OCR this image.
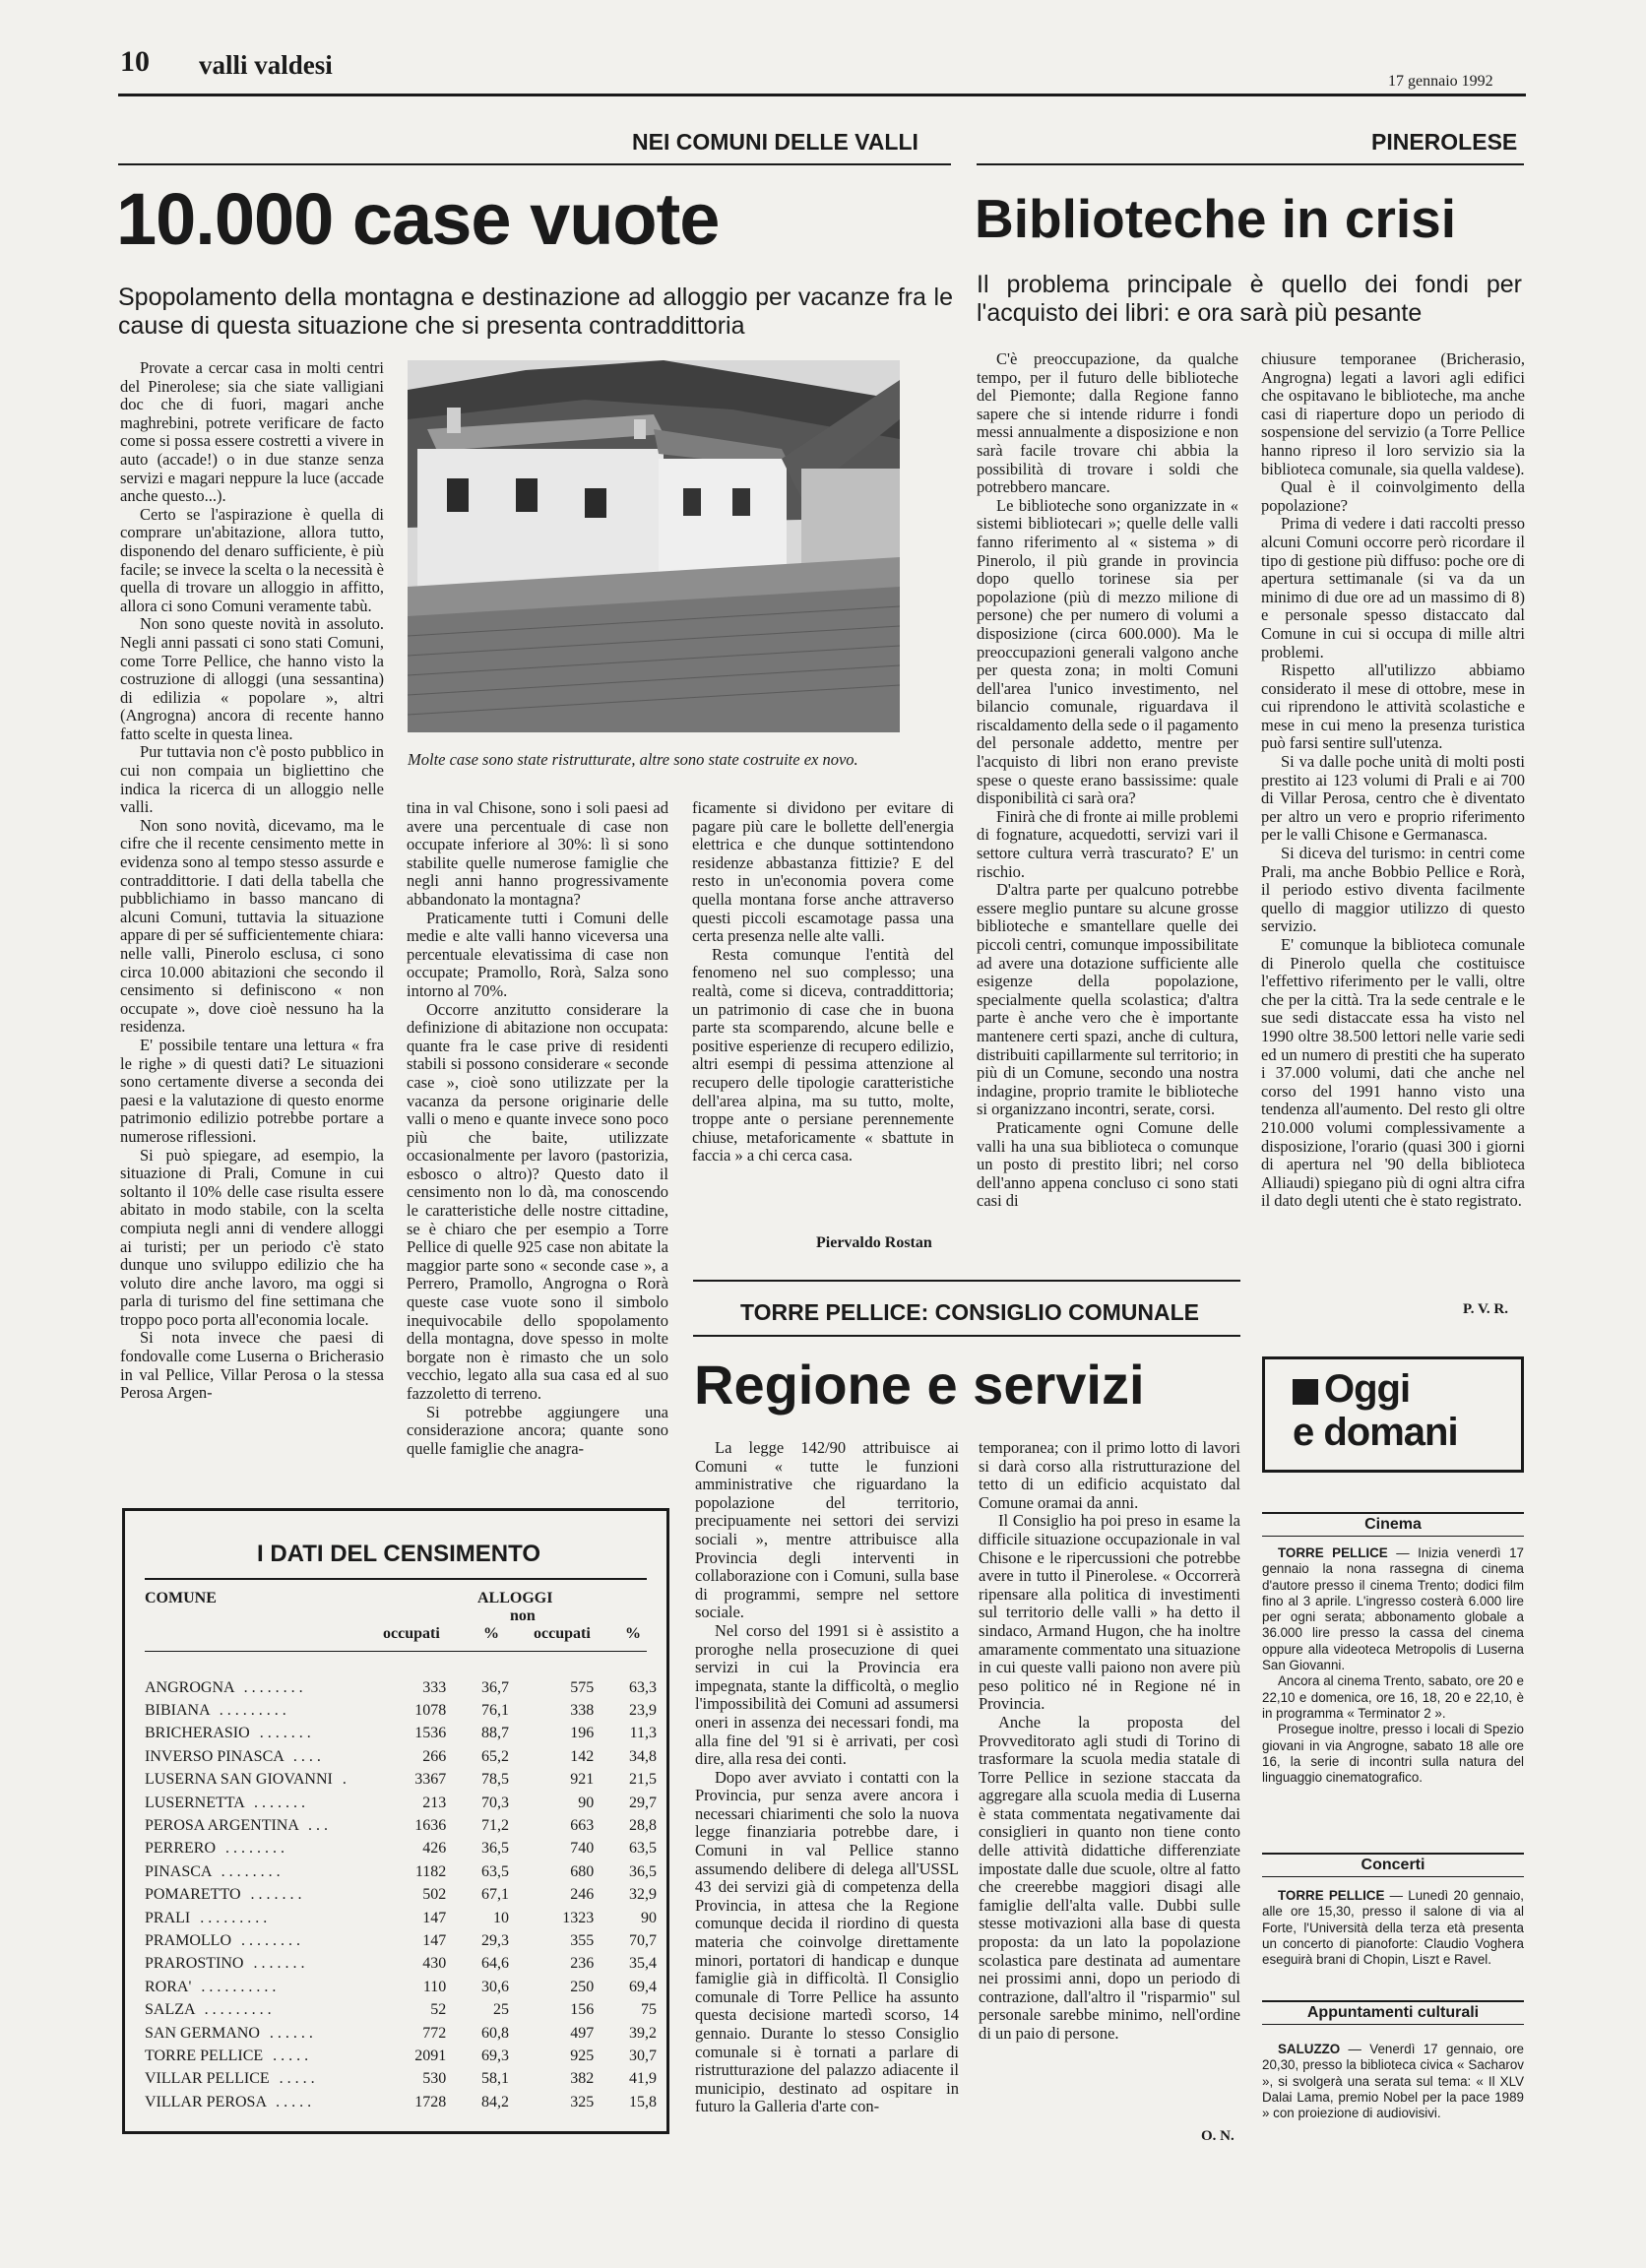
10 valli valdesi
17 gennaio 1992
NEI COMUNI DELLE VALLI	PINEROLESE
10.000 case vuote
Spopolamento della montagna e destinazione ad alloggio per vacanze fra le cause di questa situazione che si presenta contraddittoria

Provate a cercar casa in molti centri del Pinerolese; sia che siate valligiani doc che di fuori, magari anche maghrebini, potrete verificare de facto come si possa essere costretti a vivere in auto (accade!) o in due stanze senza servizi e magari neppure la luce (accade anche questo...).

Certo se l'aspirazione è quella di comprare un'abitazione, allora tutto, disponendo del denaro sufficiente, è più facile; se invece la scelta o la necessità è quella di trovare un alloggio in affitto, allora ci sono Comuni veramente tabù.

Non sono queste novità in assoluto. Negli anni passati ci sono stati Comuni, come Torre Pellice, che hanno visto la costruzione di alloggi (una sessantina) di edilizia « popolare », altri (Angrogna) ancora di recente hanno fatto scelte in questa linea.

Pur tuttavia non c'è posto pubblico in cui non compaia un bigliettino che indica la ricerca di un alloggio nelle valli.

Non sono novità, dicevamo, ma le cifre che il recente censimento mette in evidenza sono al tempo stesso assurde e contraddittorie. I dati della tabella che pubblichiamo in basso mancano di alcuni Comuni, tuttavia la situazione appare di per sé sufficientemente chiara: nelle valli, Pinerolo esclusa, ci sono circa 10.000 abitazioni che secondo il censimento si definiscono « non occupate », dove cioè nessuno ha la residenza.

E' possibile tentare una lettura « fra le righe » di questi dati? Le situazioni sono certamente diverse a seconda dei paesi e la valutazione di questo enorme patrimonio edilizio potrebbe portare a numerose riflessioni.

Si può spiegare, ad esempio, la situazione di Prali, Comune in cui soltanto il 10% delle case risulta essere abitato in modo stabile, con la scelta compiuta negli anni di vendere alloggi ai turisti; per un periodo c'è stato dunque uno sviluppo edilizio che ha voluto dire anche lavoro, ma oggi si parla di turismo del fine settimana che troppo poco porta all'economia locale.

Si nota invece che paesi di fondovalle come Luserna o Bricherasio in val Pellice, Villar Perosa o la stessa Perosa Argen-

Molte case sono state ristrutturate, altre sono state costruite ex novo.

tina in val Chisone, sono i soli paesi ad avere una percentuale di case non occupate inferiore al 30%: lì si sono stabilite quelle numerose famiglie che negli anni hanno progressivamente abbandonato la montagna?

Praticamente tutti i Comuni delle medie e alte valli hanno viceversa una percentuale elevatissima di case non occupate; Pramollo, Rorà, Salza sono intorno al 70%.

Occorre anzitutto considerare la definizione di abitazione non occupata: quante fra le case prive di residenti stabili si possono considerare « seconde case », cioè sono utilizzate per la vacanza da persone originarie delle valli o meno e quante invece sono poco più che baite, utilizzate occasionalmente per lavoro (pastorizia, esbosco o altro)? Questo dato il censimento non lo dà, ma conoscendo le caratteristiche delle nostre cittadine, se è chiaro che per esempio a Torre Pellice di quelle 925 case non abitate la maggior parte sono « seconde case », a Perrero, Pramollo, Angrogna o Rorà queste case vuote sono il simbolo inequivocabile dello spopolamento della montagna, dove spesso in molte borgate non è rimasto che un solo vecchio, legato alla sua casa ed al suo fazzoletto di terreno.

Si potrebbe aggiungere una considerazione ancora; quante sono quelle famiglie che anagra-

ficamente si dividono per evitare di pagare più care le bollette dell'energia elettrica e che dunque sottintendono residenze abbastanza fittizie? E del resto in un'economia povera come quella montana forse anche attraverso questi piccoli escamotage passa una certa presenza nelle alte valli.

Resta comunque l'entità del fenomeno nel suo complesso; una realtà, come si diceva, contraddittoria; un patrimonio di case che in buona parte sta scomparendo, alcune belle e positive esperienze di recupero edilizio, altri esempi di pessima attenzione al recupero delle tipologie caratteristiche dell'area alpina, ma su tutto, molte, troppe ante o persiane perennemente chiuse, metaforicamente « sbattute in faccia » a chi cerca casa.

Piervaldo Rostan
I DATI DEL CENSIMENTO
COMUNE	ALLOGGI
non
occupati	% occupati %
ANGROGNA . . . . . . . .	333	36,7	575	63,3
BIBIANA . . . . . . . . .	1078	76,1	338	23,9
BRICHERASIO . . . . . . .	1536	88,7	196	11,3
INVERSO PINASCA . . . .	266	65,2	142	34,8
LUSERNA SAN GIOVANNI .	3367	78,5	921	21,5
LUSERNETTA . . . . . . .	213	70,3	90	29,7
PEROSA ARGENTINA . . .	1636	71,2	663	28,8
PERRERO . . . . . . . .	426	36,5	740	63,5
PINASCA . . . . . . . .	1182	63,5	680	36,5
POMARETTO . . . . . . .	502	67,1	246	32,9
PRALI . . . . . . . . .	147	10	1323	90
PRAMOLLO . . . . . . . .	147	29,3	355	70,7
PRAROSTINO . . . . . . .	430	64,6	236	35,4
RORA' . . . . . . . . . .	110	30,6	250	69,4
SALZA . . . . . . . . .	52	25	156	75
SAN GERMANO . . . . . .	772	60,8	497	39,2
TORRE PELLICE . . . . .	2091	69,3	925	30,7
VILLAR PELLICE . . . . .	530	58,1	382	41,9
VILLAR PEROSA . . . . .	1728	84,2	325	15,8
Biblioteche in crisi
Il problema principale è quello dei fondi per l'acquisto dei libri: e ora sarà più pesante

C'è preoccupazione, da qualche tempo, per il futuro delle biblioteche del Piemonte; dalla Regione fanno sapere che si intende ridurre i fondi messi annualmente a disposizione e non sarà facile trovare chi abbia la possibilità di trovare i soldi che potrebbero mancare.

Le biblioteche sono organizzate in « sistemi bibliotecari »; quelle delle valli fanno riferimento al « sistema » di Pinerolo, il più grande in provincia dopo quello torinese sia per popolazione (più di mezzo milione di persone) che per numero di volumi a disposizione (circa 600.000). Ma le preoccupazioni generali valgono anche per questa zona; in molti Comuni dell'area l'unico investimento, nel bilancio comunale, riguardava il riscaldamento della sede o il pagamento del personale addetto, mentre per l'acquisto di libri non erano previste spese o queste erano bassissime: quale disponibilità ci sarà ora?

Finirà che di fronte ai mille problemi di fognature, acquedotti, servizi vari il settore cultura verrà trascurato? E' un rischio.

D'altra parte per qualcuno potrebbe essere meglio puntare su alcune grosse biblioteche e smantellare quelle dei piccoli centri, comunque impossibilitate ad avere una dotazione sufficiente alle esigenze della popolazione, specialmente quella scolastica; d'altra parte è anche vero che è importante mantenere certi spazi, anche di cultura, distribuiti capillarmente sul territorio; in più di un Comune, secondo una nostra indagine, proprio tramite le biblioteche si organizzano incontri, serate, corsi.

Praticamente ogni Comune delle valli ha una sua biblioteca o comunque un posto di prestito libri; nel corso dell'anno appena concluso ci sono stati casi di

chiusure temporanee (Bricherasio, Angrogna) legati a lavori agli edifici che ospitavano le biblioteche, ma anche casi di riaperture dopo un periodo di sospensione del servizio (a Torre Pellice hanno ripreso il loro servizio sia la biblioteca comunale, sia quella valdese).

Qual è il coinvolgimento della popolazione?

Prima di vedere i dati raccolti presso alcuni Comuni occorre però ricordare il tipo di gestione più diffuso: poche ore di apertura settimanale (si va da un minimo di due ore ad un massimo di 8) e personale spesso distaccato dal Comune in cui si occupa di mille altri problemi.

Rispetto all'utilizzo abbiamo considerato il mese di ottobre, mese in cui riprendono le attività scolastiche e mese in cui meno la presenza turistica può farsi sentire sull'utenza.

Si va dalle poche unità di molti posti prestito ai 123 volumi di Prali e ai 700 di Villar Perosa, centro che è diventato per altro un vero e proprio riferimento per le valli Chisone e Germanasca.

Si diceva del turismo: in centri come Prali, ma anche Bobbio Pellice e Rorà, il periodo estivo diventa facilmente quello di maggior utilizzo di questo servizio.

E' comunque la biblioteca comunale di Pinerolo quella che costituisce l'effettivo riferimento per le valli, oltre che per la città. Tra la sede centrale e le sue sedi distaccate essa ha visto nel 1990 oltre 38.500 lettori nelle varie sedi ed un numero di prestiti che ha superato i 37.000 volumi, dati che anche nel corso del 1991 hanno visto una tendenza all'aumento. Del resto gli oltre 210.000 volumi complessivamente a disposizione, l'orario (quasi 300 i giorni di apertura nel '90 della biblioteca Alliaudi) spiegano più di ogni altra cifra il dato degli utenti che è stato registrato.

P. V. R.
TORRE PELLICE: CONSIGLIO COMUNALE
Regione e servizi

La legge 142/90 attribuisce ai Comuni « tutte le funzioni amministrative che riguardano la popolazione del territorio, precipuamente nei settori dei servizi sociali », mentre attribuisce alla Provincia degli interventi in collaborazione con i Comuni, sulla base di programmi, sempre nel settore sociale.

Nel corso del 1991 si è assistito a proroghe nella prosecuzione di quei servizi in cui la Provincia era impegnata, stante la difficoltà, o meglio l'impossibilità dei Comuni ad assumersi oneri in assenza dei necessari fondi, ma alla fine del '91 si è arrivati, per così dire, alla resa dei conti.

Dopo aver avviato i contatti con la Provincia, pur senza avere ancora i necessari chiarimenti che solo la nuova legge finanziaria potrebbe dare, i Comuni in val Pellice stanno assumendo delibere di delega all'USSL 43 dei servizi già di competenza della Provincia, in attesa che la Regione comunque decida il riordino di questa materia che coinvolge direttamente minori, portatori di handicap e dunque famiglie già in difficoltà. Il Consiglio comunale di Torre Pellice ha assunto questa decisione martedì scorso, 14 gennaio. Durante lo stesso Consiglio comunale si è tornati a parlare di ristrutturazione del palazzo adiacente il municipio, destinato ad ospitare in futuro la Galleria d'arte con-

temporanea; con il primo lotto di lavori si darà corso alla ristrutturazione del tetto di un edificio acquistato dal Comune oramai da anni.

Il Consiglio ha poi preso in esame la difficile situazione occupazionale in val Chisone e le ripercussioni che potrebbe avere in tutto il Pinerolese. « Occorrerà ripensare alla politica di investimenti sul territorio delle valli » ha detto il sindaco, Armand Hugon, che ha inoltre amaramente commentato una situazione in cui queste valli paiono non avere più peso politico né in Regione né in Provincia.

Anche la proposta del Provveditorato agli studi di Torino di trasformare la scuola media statale di Torre Pellice in sezione staccata da aggregare alla scuola media di Luserna è stata commentata negativamente dai consiglieri in quanto non tiene conto delle attività didattiche differenziate impostate dalle due scuole, oltre al fatto che creerebbe maggiori disagi alle famiglie dell'alta valle. Dubbi sulle stesse motivazioni alla base di questa proposta: da un lato la popolazione scolastica pare destinata ad aumentare nei prossimi anni, dopo un periodo di contrazione, dall'altro il "risparmio" sul personale sarebbe minimo, nell'ordine di un paio di persone.

O. N.
Oggi
e domani
Cinema

TORRE PELLICE — Inizia venerdì 17 gennaio la nona rassegna di cinema d'autore presso il cinema Trento; dodici film fino al 3 aprile. L'ingresso costerà 6.000 lire per ogni serata; abbonamento globale a 36.000 lire presso la cassa del cinema oppure alla videoteca Metropolis di Luserna San Giovanni.

Ancora al cinema Trento, sabato, ore 20 e 22,10 e domenica, ore 16, 18, 20 e 22,10, è in programma « Terminator 2 ».

Prosegue inoltre, presso i locali di Spezio giovani in via Angrogne, sabato 18 alle ore 16, la serie di incontri sulla natura del linguaggio cinematografico.

Concerti

TORRE PELLICE — Lunedì 20 gennaio, alle ore 15,30, presso il salone di via al Forte, l'Università della terza età presenta un concerto di pianoforte: Claudio Voghera eseguirà brani di Chopin, Liszt e Ravel.

Appuntamenti culturali

SALUZZO — Venerdì 17 gennaio, ore 20,30, presso la biblioteca civica « Sacharov », si svolgerà una serata sul tema: « Il XLV Dalai Lama, premio Nobel per la pace 1989 » con proiezione di audiovisivi.
